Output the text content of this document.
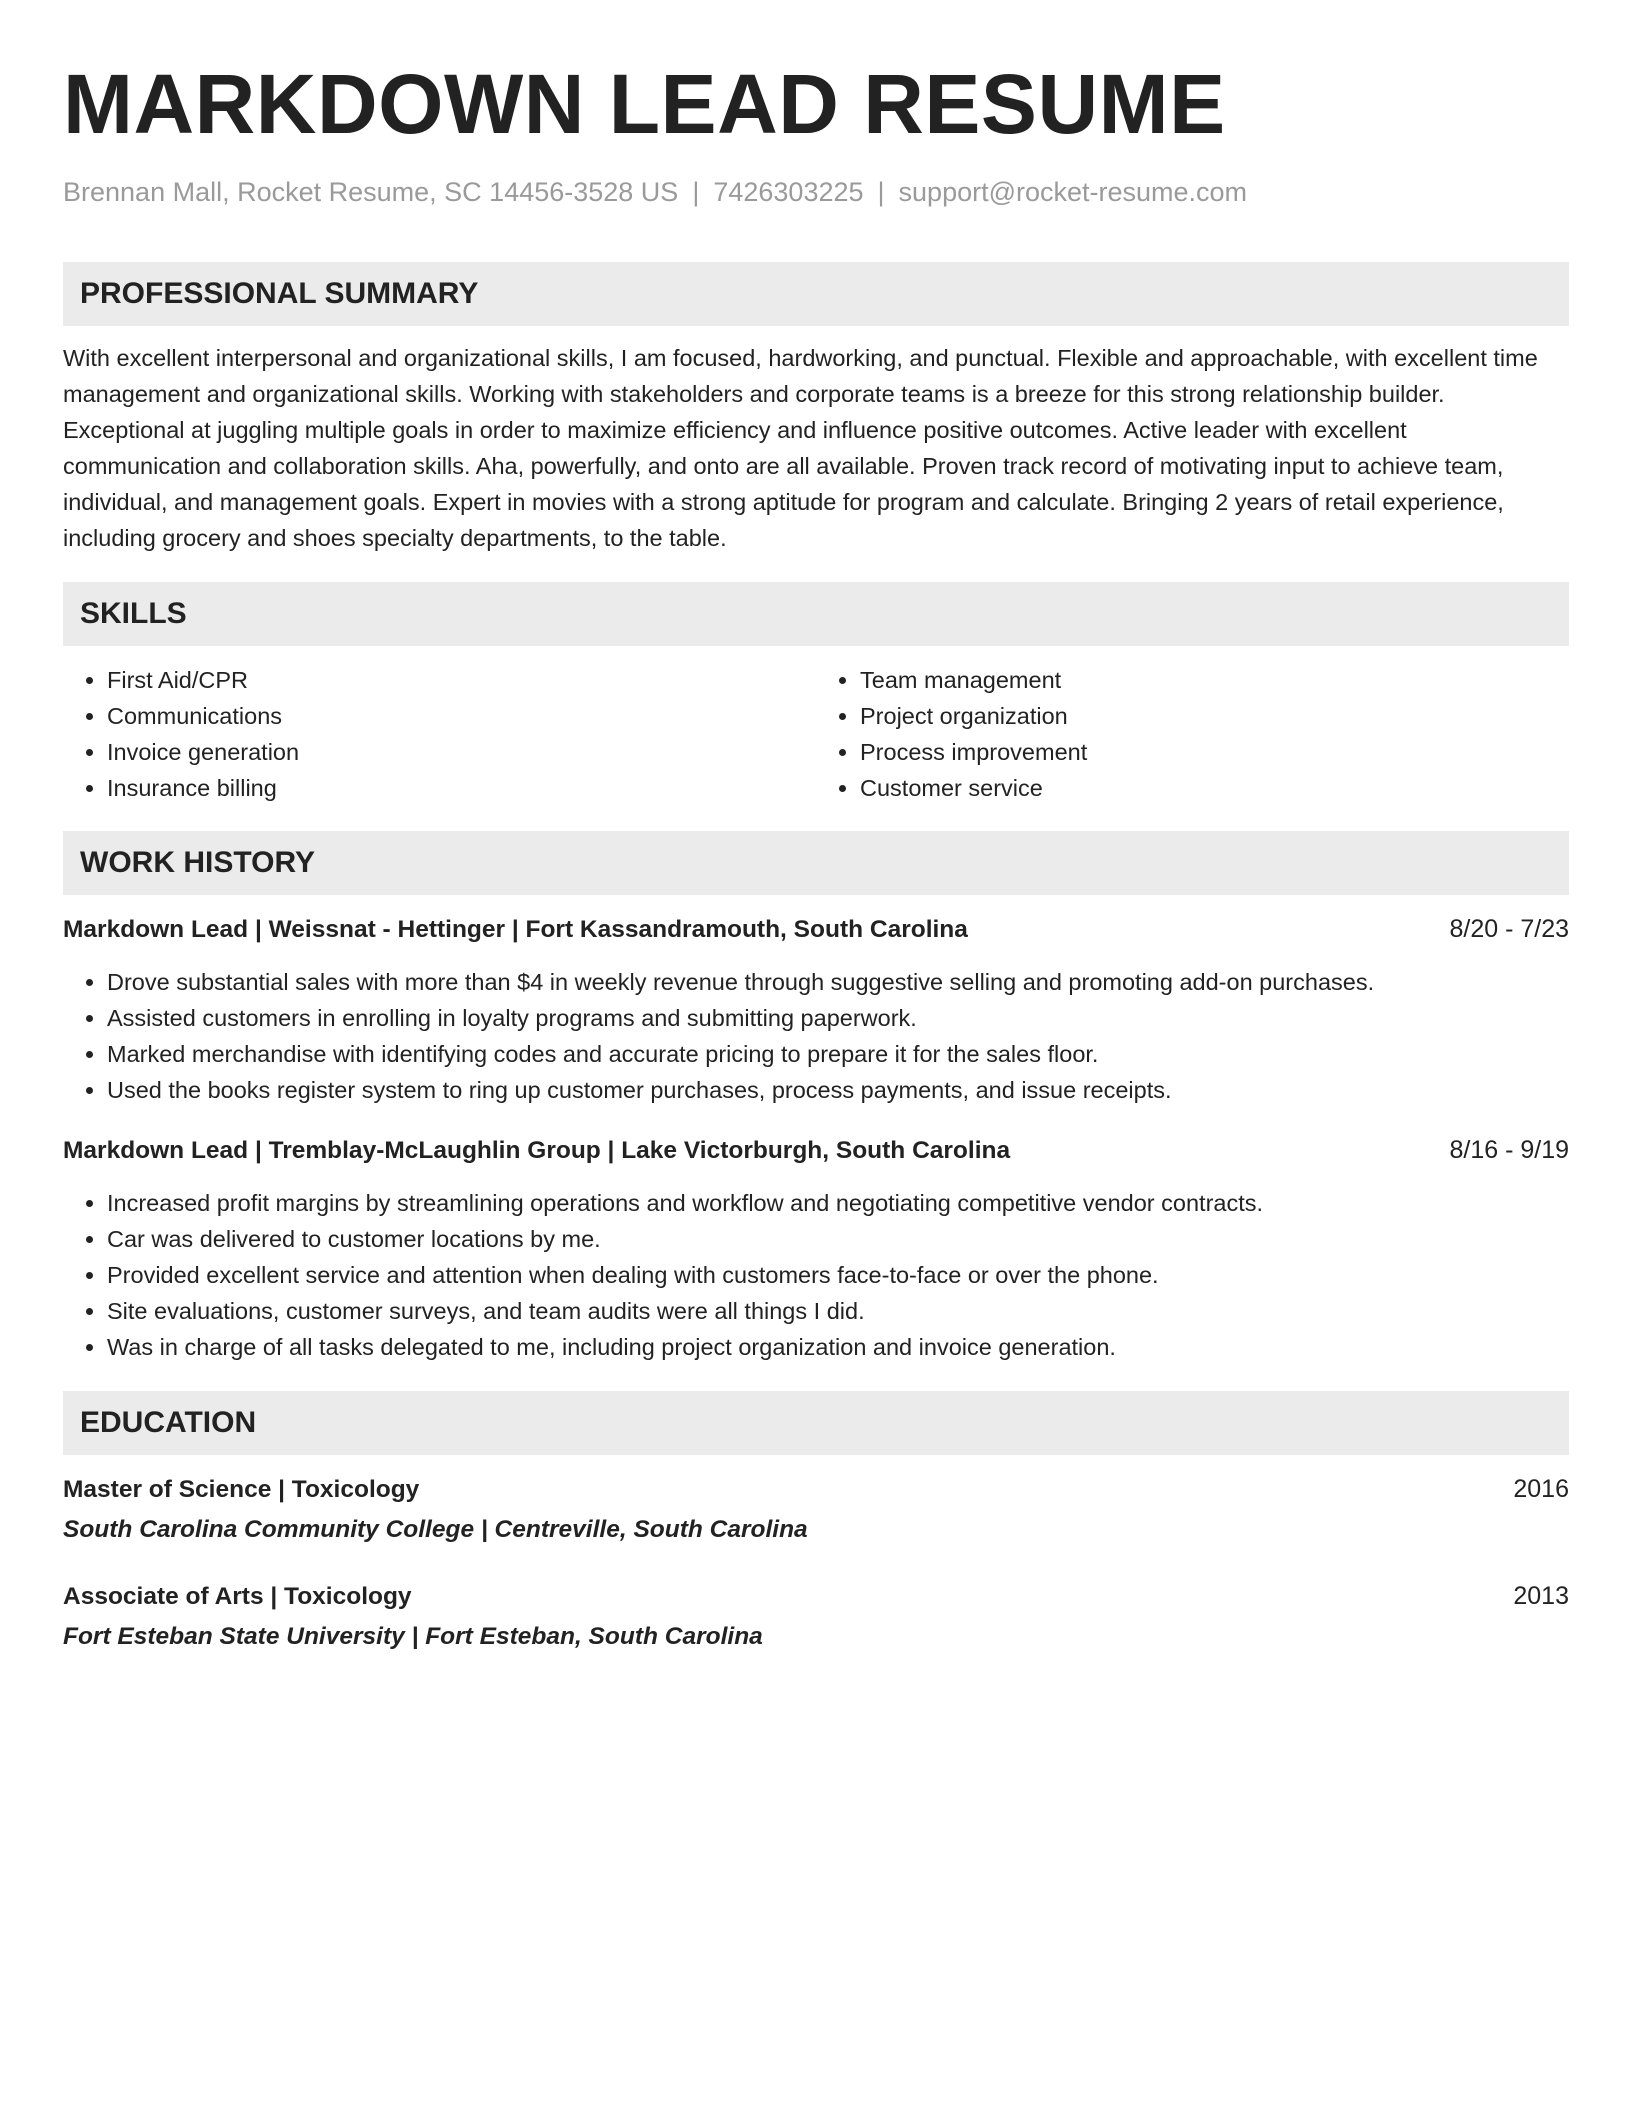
MARKDOWN LEAD RESUME
Brennan Mall, Rocket Resume, SC 14456-3528 US | 7426303225 | support@rocket-resume.com
PROFESSIONAL SUMMARY
With excellent interpersonal and organizational skills, I am focused, hardworking, and punctual. Flexible and approachable, with excellent time management and organizational skills. Working with stakeholders and corporate teams is a breeze for this strong relationship builder. Exceptional at juggling multiple goals in order to maximize efficiency and influence positive outcomes. Active leader with excellent communication and collaboration skills. Aha, powerfully, and onto are all available. Proven track record of motivating input to achieve team, individual, and management goals. Expert in movies with a strong aptitude for program and calculate. Bringing 2 years of retail experience, including grocery and shoes specialty departments, to the table.
SKILLS
• First Aid/CPR
• Communications
• Invoice generation
• Insurance billing
• Team management
• Project organization
• Process improvement
• Customer service
WORK HISTORY
Markdown Lead | Weissnat - Hettinger | Fort Kassandramouth, South Carolina	8/20 - 7/23
• Drove substantial sales with more than $4 in weekly revenue through suggestive selling and promoting add-on purchases.
• Assisted customers in enrolling in loyalty programs and submitting paperwork.
• Marked merchandise with identifying codes and accurate pricing to prepare it for the sales floor.
• Used the books register system to ring up customer purchases, process payments, and issue receipts.
Markdown Lead | Tremblay-McLaughlin Group | Lake Victorburgh, South Carolina	8/16 - 9/19
• Increased profit margins by streamlining operations and workflow and negotiating competitive vendor contracts.
• Car was delivered to customer locations by me.
• Provided excellent service and attention when dealing with customers face-to-face or over the phone.
• Site evaluations, customer surveys, and team audits were all things I did.
• Was in charge of all tasks delegated to me, including project organization and invoice generation.
EDUCATION
Master of Science | Toxicology	2016
South Carolina Community College | Centreville, South Carolina
Associate of Arts | Toxicology	2013
Fort Esteban State University | Fort Esteban, South Carolina
